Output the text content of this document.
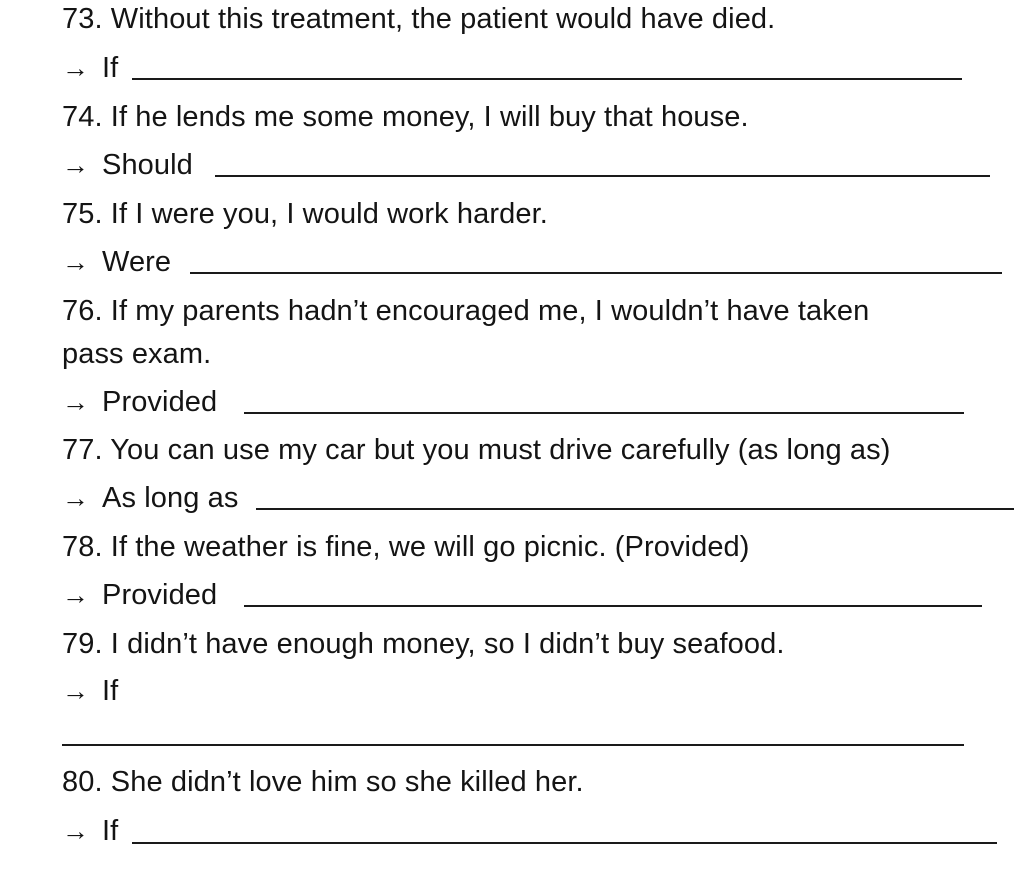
73. Without this treatment, the patient would have died.
→ If
74. If he lends me some money, I will buy that house.
→ Should
75. If I were you, I would work harder.
→ Were
76. If my parents hadn’t encouraged me, I wouldn’t have taken
pass exam.
→ Provided
77. You can use my car but you must drive carefully (as long as)
→ As long as
78. If the weather is fine, we will go picnic. (Provided)
→ Provided
79. I didn’t have enough money, so I didn’t buy seafood.
→ If
80. She didn’t love him so she killed her.
→ If
